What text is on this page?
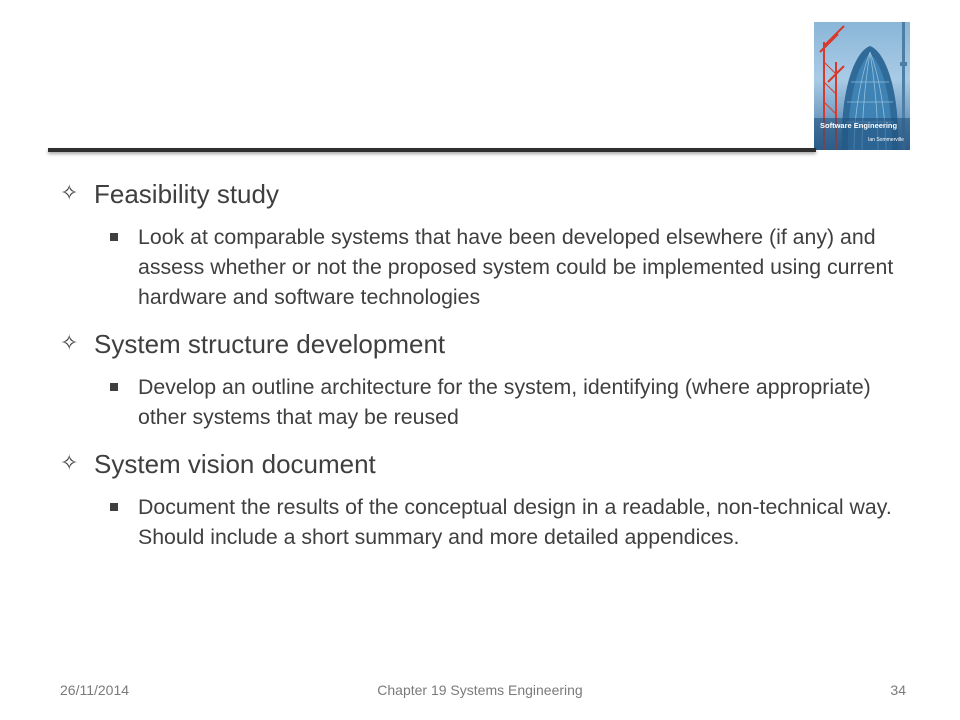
Software Engineering
Ian Sommerville
✧ Feasibility study
Look at comparable systems that have been developed elsewhere (if any) and assess whether or not the proposed system could be implemented using current hardware and software technologies
✧ System structure development
Develop an outline architecture for the system, identifying (where appropriate) other systems that may be reused
✧ System vision document
Document the results of the conceptual design in a readable, non-technical way. Should include a short summary and more detailed appendices.
26/11/2014	Chapter 19 Systems Engineering	34
